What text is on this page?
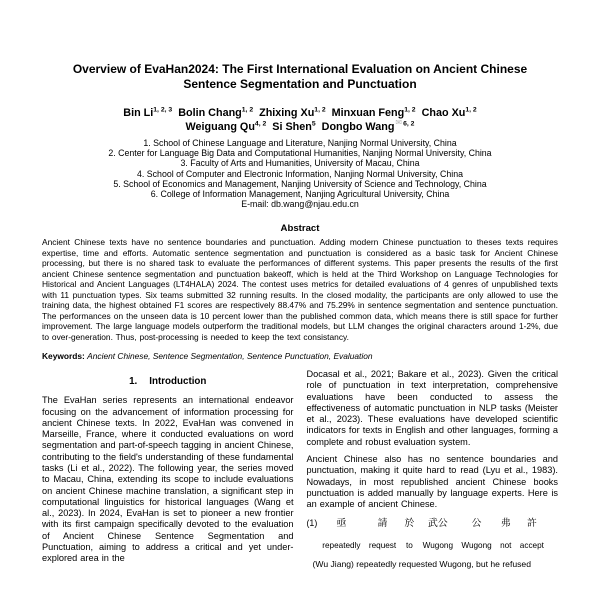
Overview of EvaHan2024: The First International Evaluation on Ancient Chinese Sentence Segmentation and Punctuation
Bin Li$^{1, 2, 3}$ Bolin Chang$^{1, 2}$ Zhixing Xu$^{1, 2}$ Minxuan Feng$^{1, 2}$ Chao Xu$^{1, 2}$
Weiguang Qu$^{4, 2}$ Si Shen$^5$ Dongbo Wang$^{✉6, 2}$
1. School of Chinese Language and Literature, Nanjing Normal University, China
2. Center for Language Big Data and Computational Humanities, Nanjing Normal University, China
3. Faculty of Arts and Humanities, University of Macau, China
4. School of Computer and Electronic Information, Nanjing Normal University, China
5. School of Economics and Management, Nanjing University of Science and Technology, China
6. College of Information Management, Nanjing Agricultural University, China
E-mail: db.wang@njau.edu.cn
Abstract

Ancient Chinese texts have no sentence boundaries and punctuation. Adding modern Chinese punctuation to theses texts requires expertise, time and efforts. Automatic sentence segmentation and punctuation is considered as a basic task for Ancient Chinese processing, but there is no shared task to evaluate the performances of different systems. This paper presents the results of the first ancient Chinese sentence segmentation and punctuation bakeoff, which is held at the Third Workshop on Language Technologies for Historical and Ancient Languages (LT4HALA) 2024. The contest uses metrics for detailed evaluations of 4 genres of unpublished texts with 11 punctuation types. Six teams submitted 32 running results. In the closed modality, the participants are only allowed to use the training data, the highest obtained F1 scores are respectively 88.47% and 75.29% in sentence segmentation and sentence punctuation. The performances on the unseen data is 10 percent lower than the published common data, which means there is still space for further improvement. The large language models outperform the traditional models, but LLM changes the original characters around 1-2%, due to over-generation. Thus, post-processing is needed to keep the text consistancy.

Keywords: Ancient Chinese, Sentence Segmentation, Sentence Punctuation, Evaluation
1. Introduction

The EvaHan series represents an international endeavor focusing on the advancement of information processing for ancient Chinese texts. In 2022, EvaHan was convened in Marseille, France, where it conducted evaluations on word segmentation and part-of-speech tagging in ancient Chinese, contributing to the field's understanding of these fundamental tasks (Li et al., 2022). The following year, the series moved to Macau, China, extending its scope to include evaluations on ancient Chinese machine translation, a significant step in computational linguistics for historical languages (Wang et al., 2023). In 2024, EvaHan is set to pioneer a new frontier with its first campaign specifically devoted to the evaluation of Ancient Chinese Sentence Segmentation and Punctuation, aiming to address a critical and yet under-explored area in the

Docasal et al., 2021; Bakare et al., 2023). Given the critical role of punctuation in text interpretation, comprehensive evaluations have been conducted to assess the effectiveness of automatic punctuation in NLP tasks (Meister et al., 2023). These evaluations have developed scientific indicators for texts in English and other languages, forming a complete and robust evaluation system.

Ancient Chinese also has no sentence boundaries and punctuation, making it quite hard to read (Lyu et al., 1983). Nowadays, in most republished ancient Chinese books punctuation is added manually by language experts. Here is an example of ancient Chinese.

(1) 亟
repeatedly
請
request
於
to
武公
Wugong
公
Wugong
弗
not
許
accept
(Wu Jiang) repeatedly requested Wugong, but he refused
